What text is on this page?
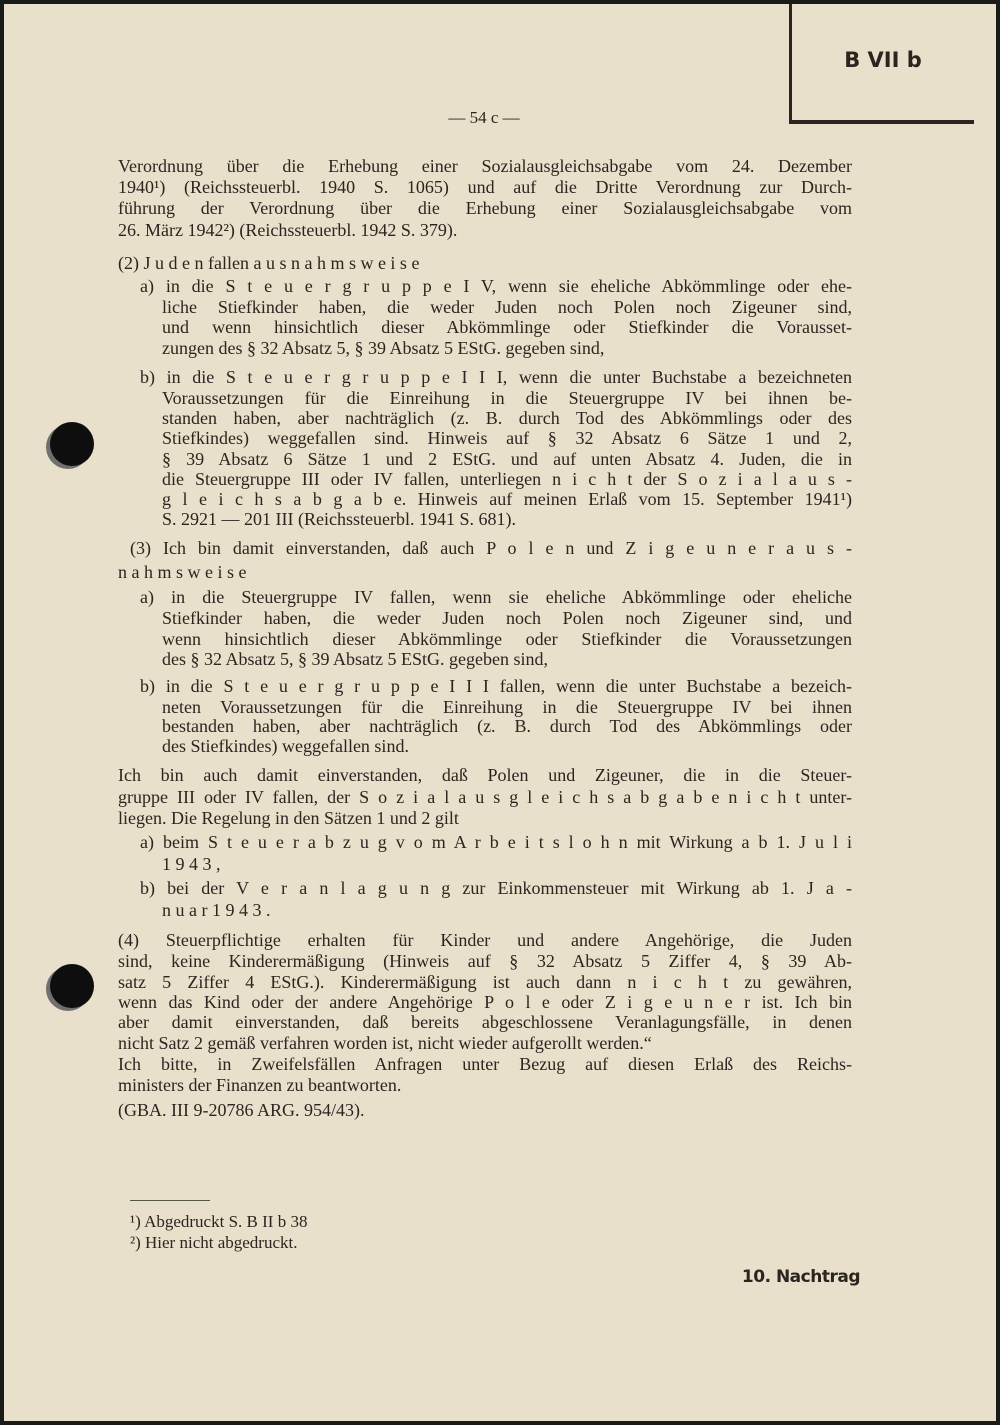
B VII b
— 54 c —
Verordnung über die Erhebung einer Sozialausgleichsabgabe vom 24. Dezember
1940¹) (Reichssteuerbl. 1940 S. 1065) und auf die Dritte Verordnung zur Durch-
führung der Verordnung über die Erhebung einer Sozialausgleichsabgabe vom
26. März 1942²) (Reichssteuerbl. 1942 S. 379).
(2) J u d e n fallen a u s n a h m s w e i s e
a) in die S t e u e r g r u p p e I V, wenn sie eheliche Abkömmlinge oder ehe-
liche Stiefkinder haben, die weder Juden noch Polen noch Zigeuner sind,
und wenn hinsichtlich dieser Abkömmlinge oder Stiefkinder die Vorausset-
zungen des § 32 Absatz 5, § 39 Absatz 5 EStG. gegeben sind,
b) in die S t e u e r g r u p p e I I I, wenn die unter Buchstabe a bezeichneten
Voraussetzungen für die Einreihung in die Steuergruppe IV bei ihnen be-
standen haben, aber nachträglich (z. B. durch Tod des Abkömmlings oder des
Stiefkindes) weggefallen sind. Hinweis auf § 32 Absatz 6 Sätze 1 und 2,
§ 39 Absatz 6 Sätze 1 und 2 EStG. und auf unten Absatz 4. Juden, die in
die Steuergruppe III oder IV fallen, unterliegen n i c h t der S o z i a l a u s -
g l e i c h s a b g a b e. Hinweis auf meinen Erlaß vom 15. September 1941¹)
S. 2921 — 201 III (Reichssteuerbl. 1941 S. 681).
(3) Ich bin damit einverstanden, daß auch P o l e n und Z i g e u n e r a u s -
n a h m s w e i s e
a) in die Steuergruppe IV fallen, wenn sie eheliche Abkömmlinge oder eheliche
Stiefkinder haben, die weder Juden noch Polen noch Zigeuner sind, und
wenn hinsichtlich dieser Abkömmlinge oder Stiefkinder die Voraussetzungen
des § 32 Absatz 5, § 39 Absatz 5 EStG. gegeben sind,
b) in die S t e u e r g r u p p e I I I fallen, wenn die unter Buchstabe a bezeich-
neten Voraussetzungen für die Einreihung in die Steuergruppe IV bei ihnen
bestanden haben, aber nachträglich (z. B. durch Tod des Abkömmlings oder
des Stiefkindes) weggefallen sind.
Ich bin auch damit einverstanden, daß Polen und Zigeuner, die in die Steuer-
gruppe III oder IV fallen, der S o z i a l a u s g l e i c h s a b g a b e n i c h t unter-
liegen. Die Regelung in den Sätzen 1 und 2 gilt
a) beim S t e u e r a b z u g v o m A r b e i t s l o h n mit Wirkung a b 1. J u l i
1 9 4 3 ,
b) bei der V e r a n l a g u n g zur Einkommensteuer mit Wirkung ab 1. J a -
n u a r 1 9 4 3 .
(4) Steuerpflichtige erhalten für Kinder und andere Angehörige, die Juden
sind, keine Kinderermäßigung (Hinweis auf § 32 Absatz 5 Ziffer 4, § 39 Ab-
satz 5 Ziffer 4 EStG.). Kinderermäßigung ist auch dann n i c h t zu gewähren,
wenn das Kind oder der andere Angehörige P o l e oder Z i g e u n e r ist. Ich bin
aber damit einverstanden, daß bereits abgeschlossene Veranlagungsfälle, in denen
nicht Satz 2 gemäß verfahren worden ist, nicht wieder aufgerollt werden.“
Ich bitte, in Zweifelsfällen Anfragen unter Bezug auf diesen Erlaß des Reichs-
ministers der Finanzen zu beantworten.
(GBA. III 9-20786 ARG. 954/43).
¹) Abgedruckt S. B II b 38
²) Hier nicht abgedruckt.
10. Nachtrag
